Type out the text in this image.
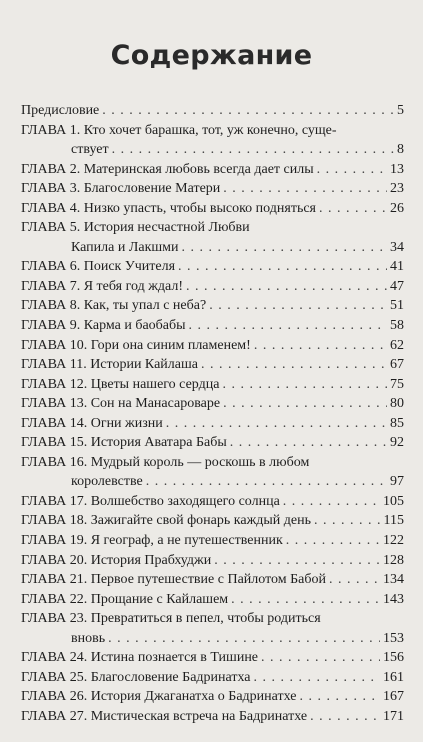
Содержание
Предисловие . . .	5
ГЛАВА 1. Кто хочет барашка, тот, уж конечно, суще-
ствует . . .	8
ГЛАВА 2. Материнская любовь всегда дает силы . . .	13
ГЛАВА 3. Благословение Матери . . .	23
ГЛАВА 4. Низко упасть, чтобы высоко подняться . . .	26
ГЛАВА 5. История несчастной Любви
Капила и Лакшми . . .	34
ГЛАВА 6. Поиск Учителя . . .	41
ГЛАВА 7. Я тебя год ждал! . . .	47
ГЛАВА 8. Как, ты упал с неба? . . .	51
ГЛАВА 9. Карма и баобабы . . .	58
ГЛАВА 10. Гори она синим пламенем! . . .	62
ГЛАВА 11. Истории Кайлаша . . .	67
ГЛАВА 12. Цветы нашего сердца . . .	75
ГЛАВА 13. Сон на Манасароваре . . .	80
ГЛАВА 14. Огни жизни . . .	85
ГЛАВА 15. История Аватара Бабы . . .	92
ГЛАВА 16. Мудрый король — роскошь в любом
королевстве . . .	97
ГЛАВА 17. Волшебство заходящего солнца . . .	105
ГЛАВА 18. Зажигайте свой фонарь каждый день . . .	115
ГЛАВА 19. Я географ, а не путешественник . . .	122
ГЛАВА 20. История Прабхуджи . . .	128
ГЛАВА 21. Первое путешествие с Пайлотом Бабой . . .	134
ГЛАВА 22. Прощание с Кайлашем . . .	143
ГЛАВА 23. Превратиться в пепел, чтобы родиться
вновь . . .	153
ГЛАВА 24. Истина познается в Тишине . . .	156
ГЛАВА 25. Благословение Бадринатха . . .	161
ГЛАВА 26. История Джаганатха о Бадринатхе . . .	167
ГЛАВА 27. Мистическая встреча на Бадринатхе . . .	171
